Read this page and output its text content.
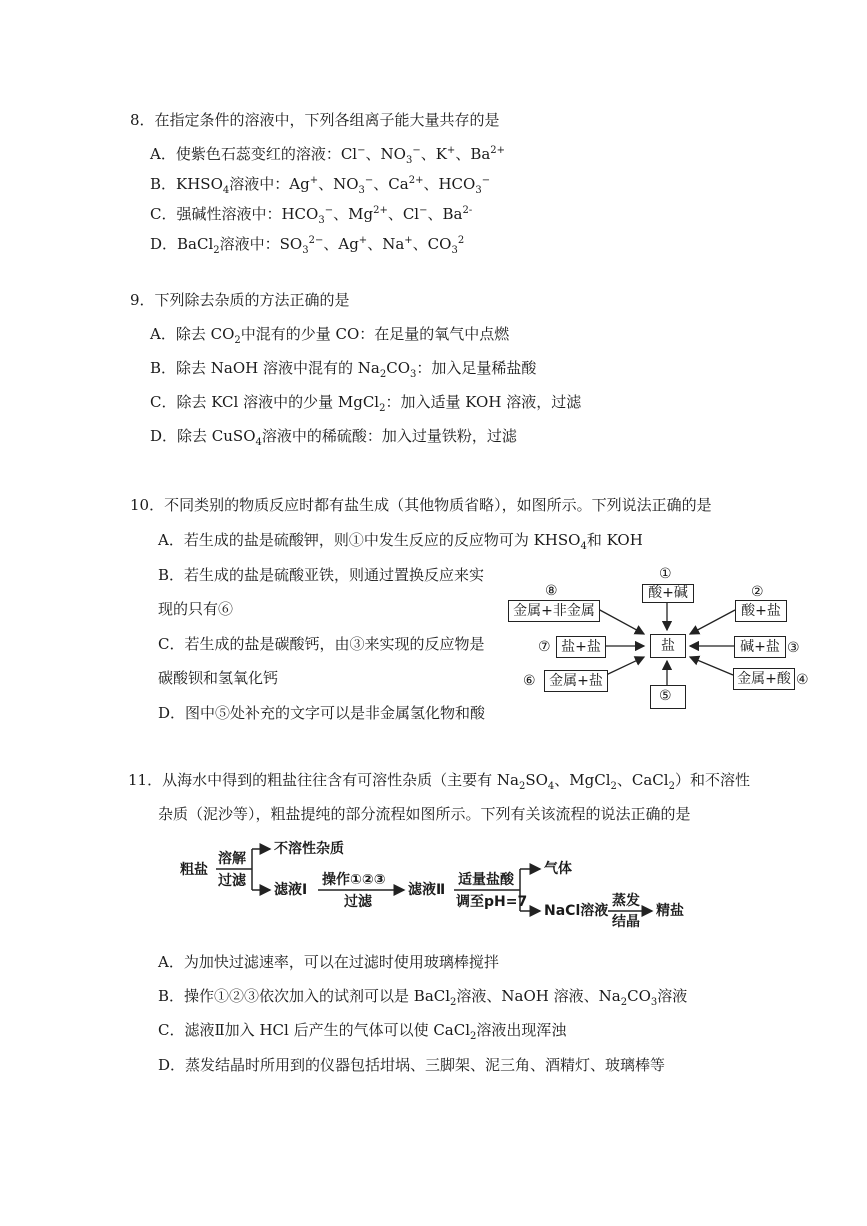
8．在指定条件的溶液中，下列各组离子能大量共存的是
A．使紫色石蕊变红的溶液：Cl−、$NO_3^-$、K+、$Ba^{2+}$
B．$KHSO_4$溶液中：Ag+、$NO_3^-$、$Ca^{2+}$、$HCO_3^-$
C．强碱性溶液中：$HCO_3^-$、$Mg^{2+}$、Cl−、$Ba^{2-}$
D．BaCl$_2$溶液中：$SO_3^{2-}$、Ag+、Na+、$CO_3^2$
9．下列除去杂质的方法正确的是
A．除去 $CO_2$中混有的少量 CO：在足量的氧气中点燃
B．除去 NaOH 溶液中混有的 $Na_2CO_3$：加入足量稀盐酸
C．除去 KCl 溶液中的少量 MgCl$_2$：加入适量 KOH 溶液，过滤
D．除去 CuSO$_4$溶液中的稀硫酸：加入过量铁粉，过滤
10．不同类别的物质反应时都有盐生成（其他物质省略），如图所示。下列说法正确的是
A．若生成的盐是硫酸钾，则①中发生反应的反应物可为 $KHSO_4$和 KOH
B．若生成的盐是硫酸亚铁，则通过置换反应来实
现的只有⑥
C．若生成的盐是碳酸钙，由③来实现的反应物是
碳酸钡和氢氧化钙
D．图中⑤处补充的文字可以是非金属氢化物和酸
盐
①
酸+碱	②
酸+盐
碱+盐 ③
金属+酸 ④
⑤
⑥ 金属+盐
⑦ 盐+盐
⑧
金属+非金属
11．从海水中得到的粗盐往往含有可溶性杂质（主要有 $Na_2SO_4$、MgCl$_2$、CaCl$_2$）和不溶性
杂质（泥沙等），粗盐提纯的部分流程如图所示。下列有关该流程的说法正确的是
粗盐
溶解
过滤
不溶性杂质
滤液Ⅰ
操作①②③
过滤
滤液Ⅱ
适量盐酸
调至pH=7
气体
NaCl溶液
蒸发
结晶
精盐
A．为加快过滤速率，可以在过滤时使用玻璃棒搅拌
B．操作①②③依次加入的试剂可以是 BaCl$_2$溶液、NaOH 溶液、$Na_2CO_3$溶液
C．滤液Ⅱ加入 HCl 后产生的气体可以使 CaCl$_2$溶液出现浑浊
D．蒸发结晶时所用到的仪器包括坩埚、三脚架、泥三角、酒精灯、玻璃棒等
